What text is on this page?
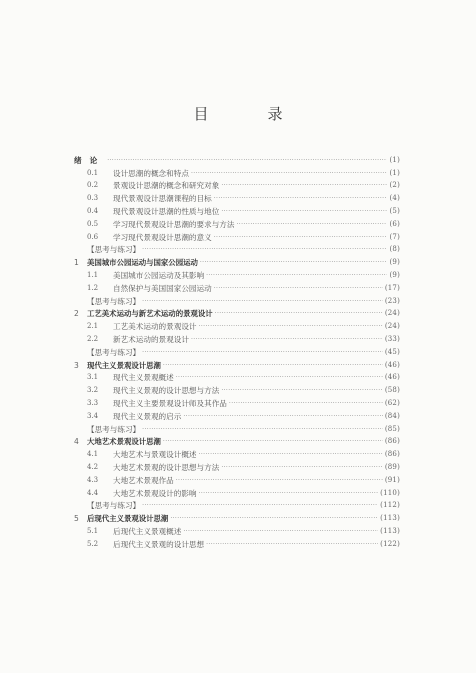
目　录
绪论 ·····	(1)
0.1	设计思潮的概念和特点 ·····	(1)
0.2	景观设计思潮的概念和研究对象 ·····	(2)
0.3	现代景观设计思潮课程的目标 ·····	(4)
0.4	现代景观设计思潮的性质与地位 ·····	(5)
0.5	学习现代景观设计思潮的要求与方法 ·····	(6)
0.6	学习现代景观设计思潮的意义 ·····	(7)
【思考与练习】 ·····	(8)
1	美国城市公园运动与国家公园运动 ·····	(9)
1.1	美国城市公园运动及其影响 ·····	(9)
1.2	自然保护与美国国家公园运动 ·····	(17)
【思考与练习】 ·····	(23)
2	工艺美术运动与新艺术运动的景观设计 ·····	(24)
2.1	工艺美术运动的景观设计 ·····	(24)
2.2	新艺术运动的景观设计 ·····	(33)
【思考与练习】 ·····	(45)
3	现代主义景观设计思潮 ·····	(46)
3.1	现代主义景观概述 ·····	(46)
3.2	现代主义景观的设计思想与方法 ·····	(58)
3.3	现代主义主要景观设计师及其作品 ·····	(62)
3.4	现代主义景观的启示 ·····	(84)
【思考与练习】 ·····	(85)
4	大地艺术景观设计思潮 ·····	(86)
4.1	大地艺术与景观设计概述 ·····	(86)
4.2	大地艺术景观的设计思想与方法 ·····	(89)
4.3	大地艺术景观作品 ·····	(91)
4.4	大地艺术景观设计的影响 ·····	(110)
【思考与练习】 ·····	(112)
5	后现代主义景观设计思潮 ·····	(113)
5.1	后现代主义景观概述 ·····	(113)
5.2	后现代主义景观的设计思想 ·····	(122)
